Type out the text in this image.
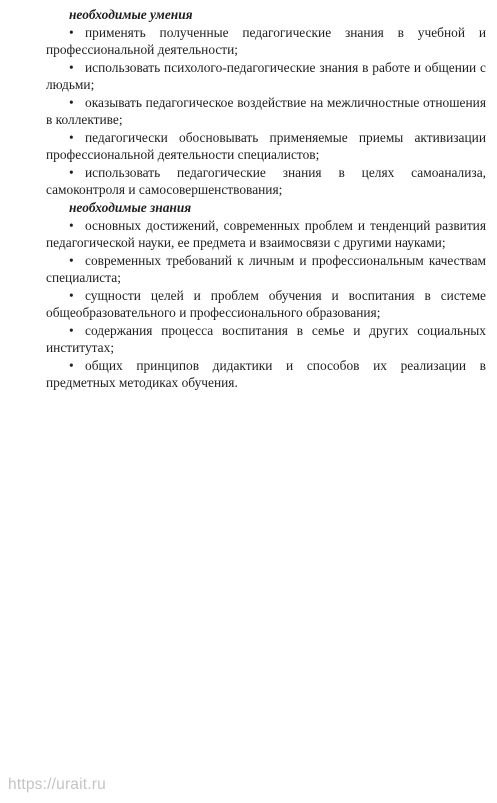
необходимые умения

• применять полученные педагогические знания в учебной и профессиональной деятельности;
• использовать психолого-педагогические знания в работе и общении с людьми;
• оказывать педагогическое воздействие на межличностные отношения в коллективе;
• педагогически обосновывать применяемые приемы активизации профессиональной деятельности специалистов;
• использовать педагогические знания в целях самоанализа, самоконтроля и самосовершенствования;

необходимые знания

• основных достижений, современных проблем и тенденций развития педагогической науки, ее предмета и взаимосвязи с другими науками;
• современных требований к личным и профессиональным качествам специалиста;
• сущности целей и проблем обучения и воспитания в системе общеобразовательного и профессионального образования;
• содержания процесса воспитания в семье и других социальных институтах;
• общих принципов дидактики и способов их реализации в предметных методиках обучения.
https://urait.ru
